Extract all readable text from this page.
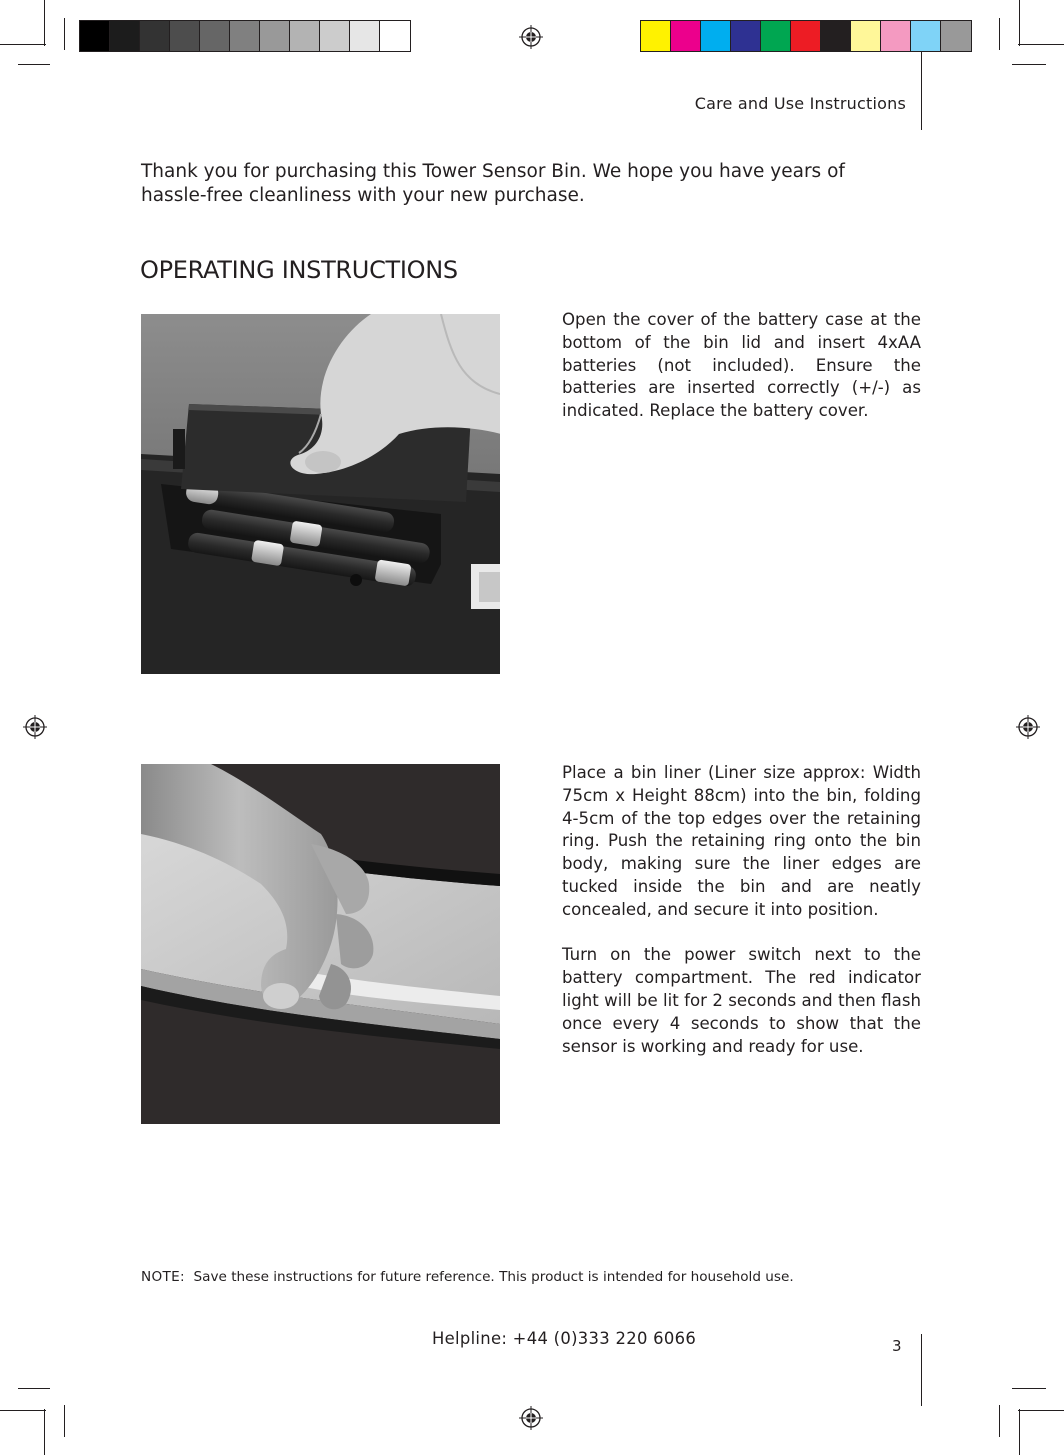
Care and Use Instructions
Thank you for purchasing this Tower Sensor Bin. We hope you have years of hassle-free cleanliness with your new purchase.
OPERATING INSTRUCTIONS

Open the cover of the battery case at the bottom of the bin lid and insert 4xAA batteries (not included). Ensure the batteries are inserted correctly (+/-) as indicated. Replace the battery cover.

Place a bin liner (Liner size approx: Width 75cm x Height 88cm) into the bin, folding 4-5cm of the top edges over the retaining ring. Push the retaining ring onto the bin body, making sure the liner edges are tucked inside the bin and are neatly concealed, and secure it into position.

Turn on the power switch next to the battery compartment. The red indicator light will be lit for 2 seconds and then flash once every 4 seconds to show that the sensor is working and ready for use.

NOTE: Save these instructions for future reference. This product is intended for household use.
Helpline: +44 (0)333 220 6066	3
